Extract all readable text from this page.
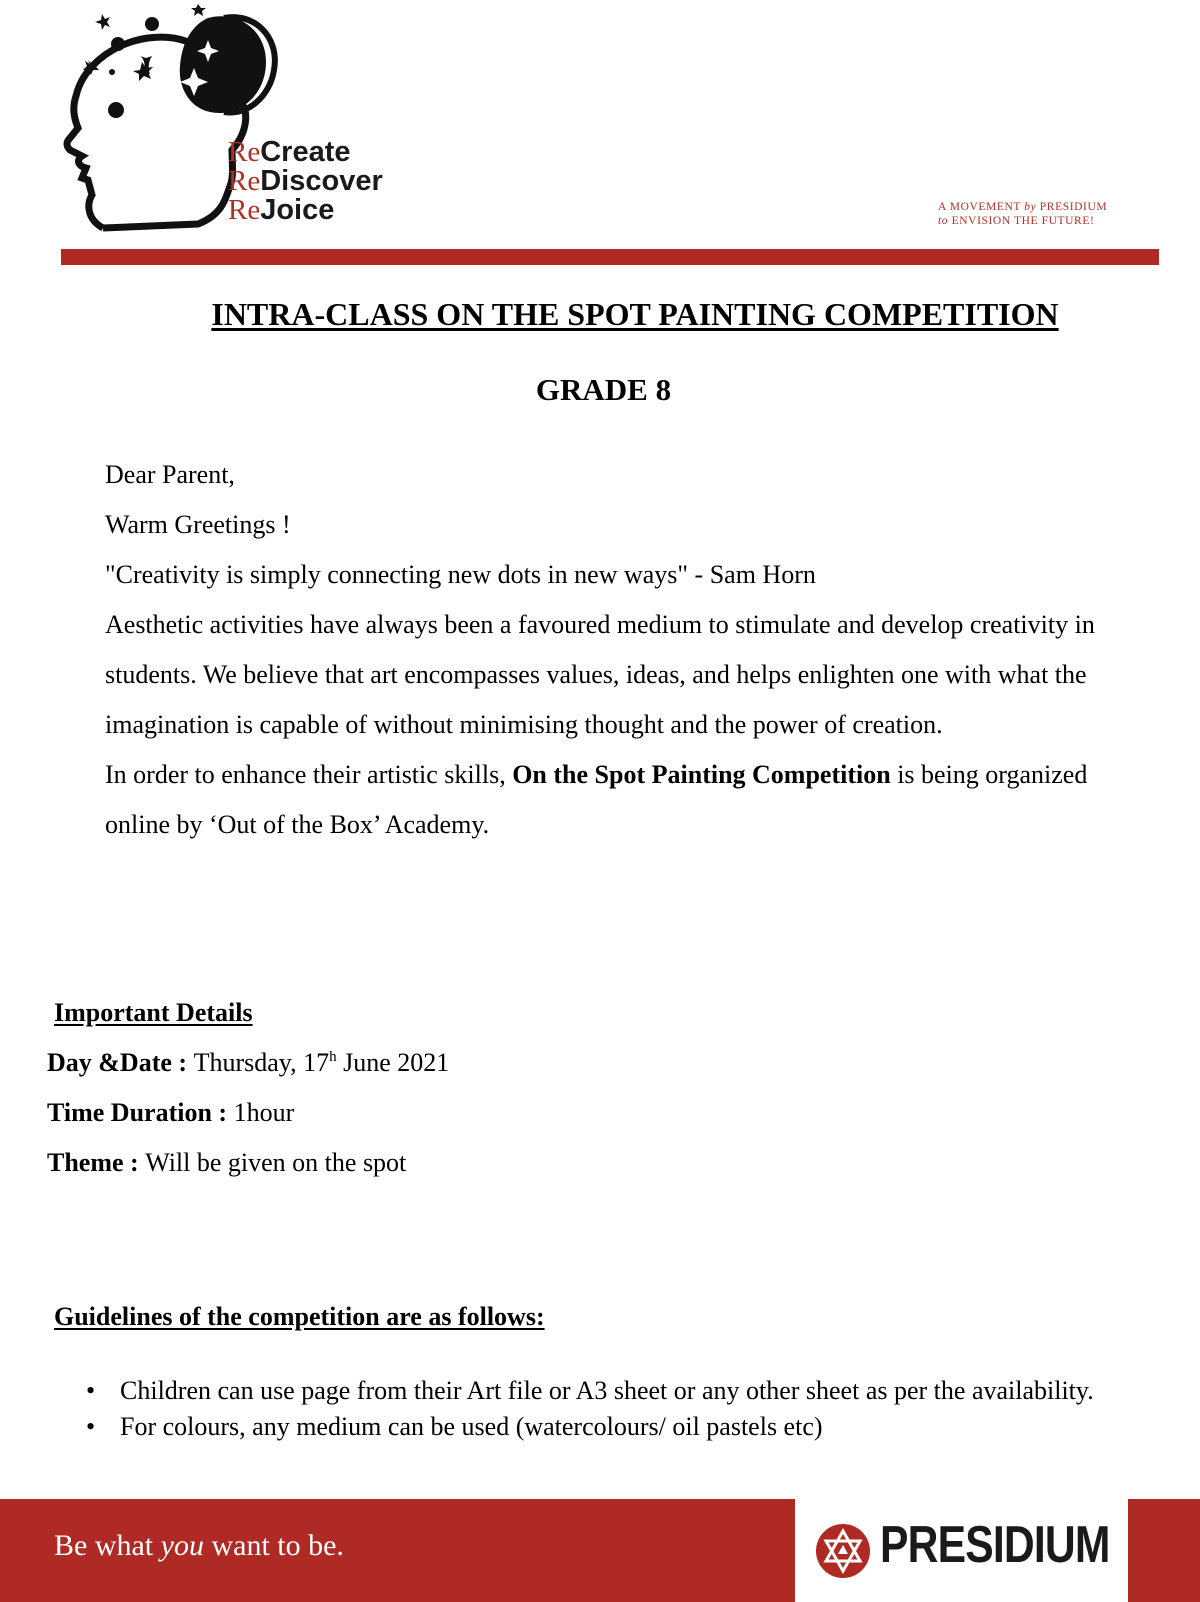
ReCreate
ReDiscover
ReJoice	A MOVEMENT by PRESIDIUM
to ENVISION THE FUTURE!
INTRA-CLASS ON THE SPOT PAINTING COMPETITION
GRADE 8

Dear Parent,

Warm Greetings !

"Creativity is simply connecting new dots in new ways" - Sam Horn

Aesthetic activities have always been a favoured medium to stimulate and develop creativity in students. We believe that art encompasses values, ideas, and helps enlighten one with what the imagination is capable of without minimising thought and the power of creation.

In order to enhance their artistic skills, On the Spot Painting Competition is being organized online by ‘Out of the Box’ Academy.

Important Details
Day &Date : Thursday, 17$^h$ June 2021
Time Duration : 1hour
Theme : Will be given on the spot
Guidelines of the competition are as follows:
• Children can use page from their Art file or A3 sheet or any other sheet as per the availability.
• For colours, any medium can be used (watercolours/ oil pastels etc)
Be what you want to be.	PRESIDIUM
